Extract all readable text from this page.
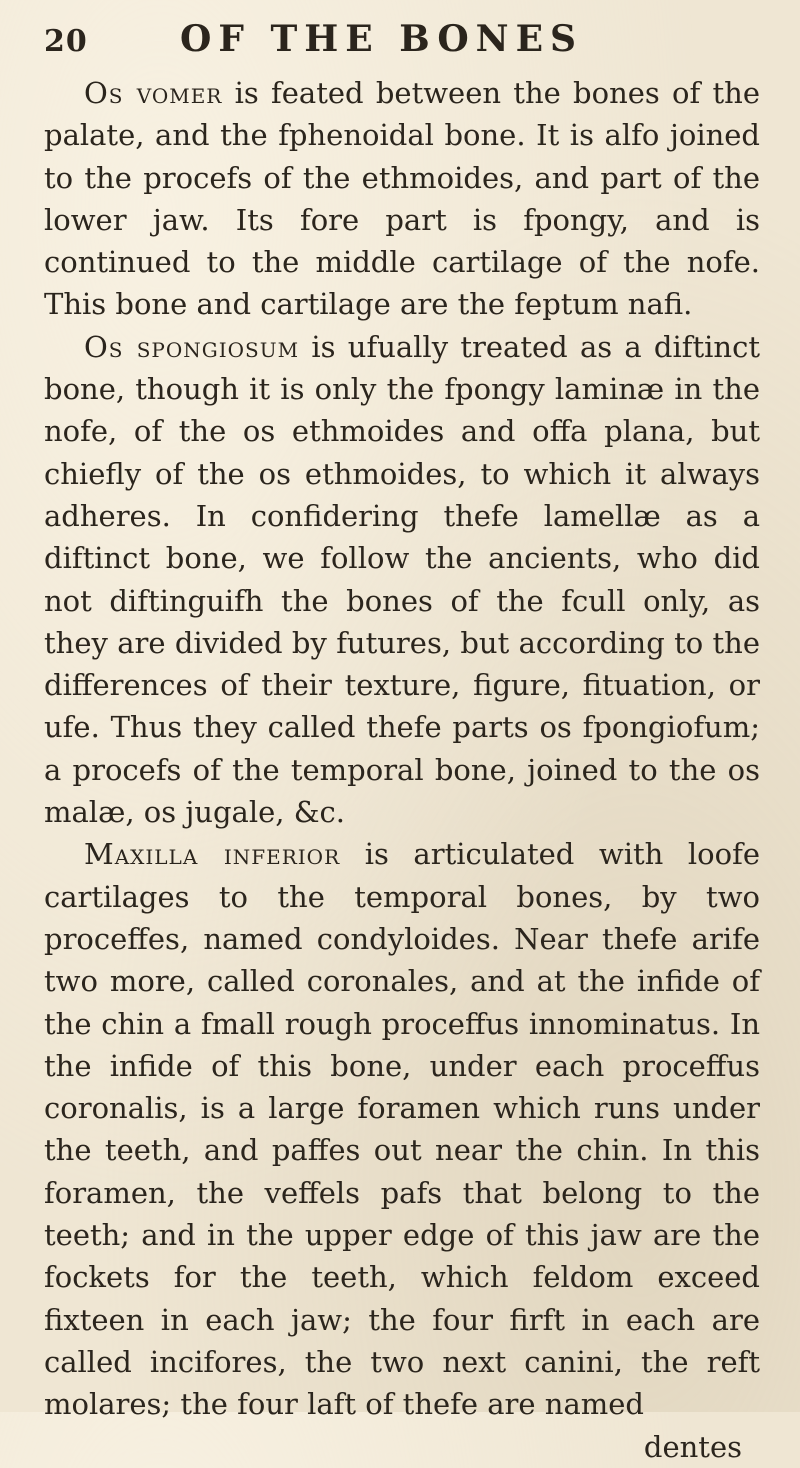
20	OF THE BONES

Os vomer is feated between the bones of the palate, and the fphenoidal bone. It is alfo joined to the procefs of the ethmoides, and part of the lower jaw. Its fore part is fpongy, and is continued to the middle cartilage of the nofe. This bone and cartilage are the feptum nafi.

Os spongiosum is ufually treated as a diftinct bone, though it is only the fpongy laminæ in the nofe, of the os ethmoides and offa plana, but chiefly of the os ethmoides, to which it always adheres. In confidering thefe lamellæ as a diftinct bone, we follow the ancients, who did not diftinguifh the bones of the fcull only, as they are divided by futures, but according to the differences of their texture, figure, fituation, or ufe. Thus they called thefe parts os fpongiofum; a procefs of the temporal bone, joined to the os malæ, os jugale, &c.

Maxilla inferior is articulated with loofe cartilages to the temporal bones, by two proceffes, named condyloides. Near thefe arife two more, called coronales, and at the infide of the chin a fmall rough proceffus innominatus. In the infide of this bone, under each proceffus coronalis, is a large foramen which runs under the teeth, and paffes out near the chin. In this foramen, the veffels pafs that belong to the teeth; and in the upper edge of this jaw are the fockets for the teeth, which feldom exceed fixteen in each jaw; the four firft in each are called incifores, the two next canini, the reft molares; the four laft of thefe are named

dentes
